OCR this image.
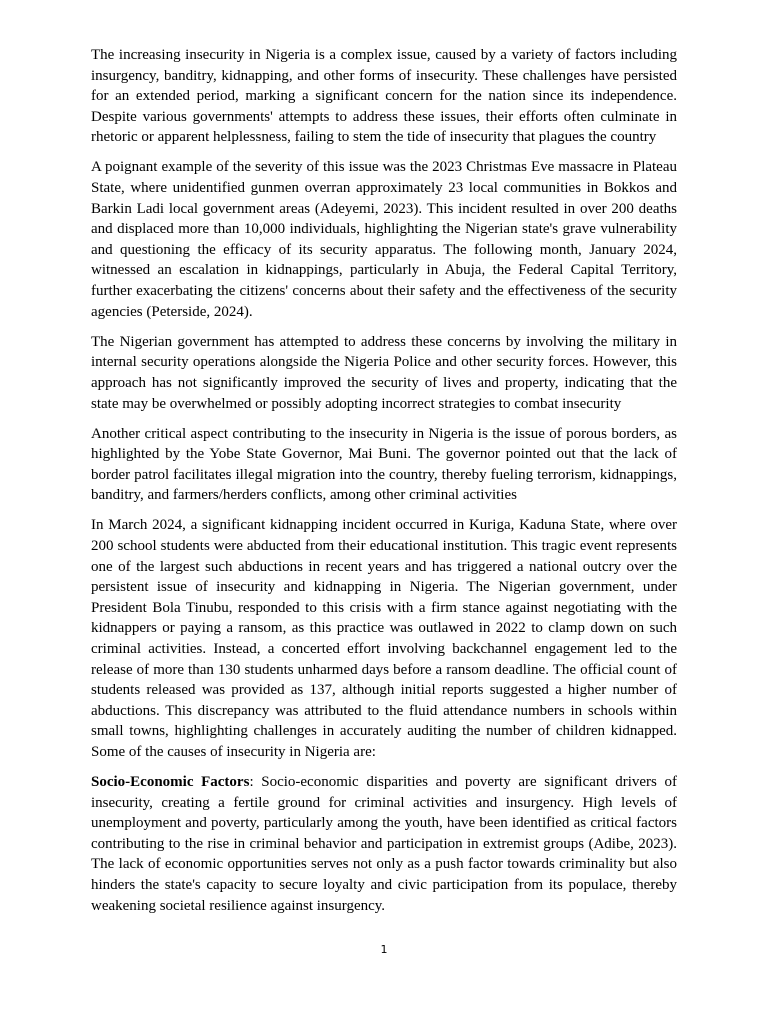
The increasing insecurity in Nigeria is a complex issue, caused by a variety of factors including insurgency, banditry, kidnapping, and other forms of insecurity. These challenges have persisted for an extended period, marking a significant concern for the nation since its independence. Despite various governments' attempts to address these issues, their efforts often culminate in rhetoric or apparent helplessness, failing to stem the tide of insecurity that plagues the country

A poignant example of the severity of this issue was the 2023 Christmas Eve massacre in Plateau State, where unidentified gunmen overran approximately 23 local communities in Bokkos and Barkin Ladi local government areas (Adeyemi, 2023). This incident resulted in over 200 deaths and displaced more than 10,000 individuals, highlighting the Nigerian state's grave vulnerability and questioning the efficacy of its security apparatus. The following month, January 2024, witnessed an escalation in kidnappings, particularly in Abuja, the Federal Capital Territory, further exacerbating the citizens' concerns about their safety and the effectiveness of the security agencies (Peterside, 2024).

The Nigerian government has attempted to address these concerns by involving the military in internal security operations alongside the Nigeria Police and other security forces. However, this approach has not significantly improved the security of lives and property, indicating that the state may be overwhelmed or possibly adopting incorrect strategies to combat insecurity

Another critical aspect contributing to the insecurity in Nigeria is the issue of porous borders, as highlighted by the Yobe State Governor, Mai Buni. The governor pointed out that the lack of border patrol facilitates illegal migration into the country, thereby fueling terrorism, kidnappings, banditry, and farmers/herders conflicts, among other criminal activities

In March 2024, a significant kidnapping incident occurred in Kuriga, Kaduna State, where over 200 school students were abducted from their educational institution. This tragic event represents one of the largest such abductions in recent years and has triggered a national outcry over the persistent issue of insecurity and kidnapping in Nigeria. The Nigerian government, under President Bola Tinubu, responded to this crisis with a firm stance against negotiating with the kidnappers or paying a ransom, as this practice was outlawed in 2022 to clamp down on such criminal activities. Instead, a concerted effort involving backchannel engagement led to the release of more than 130 students unharmed days before a ransom deadline. The official count of students released was provided as 137, although initial reports suggested a higher number of abductions. This discrepancy was attributed to the fluid attendance numbers in schools within small towns, highlighting challenges in accurately auditing the number of children kidnapped. Some of the causes of insecurity in Nigeria are:

Socio-Economic Factors: Socio-economic disparities and poverty are significant drivers of insecurity, creating a fertile ground for criminal activities and insurgency. High levels of unemployment and poverty, particularly among the youth, have been identified as critical factors contributing to the rise in criminal behavior and participation in extremist groups (Adibe, 2023). The lack of economic opportunities serves not only as a push factor towards criminality but also hinders the state's capacity to secure loyalty and civic participation from its populace, thereby weakening societal resilience against insurgency.

1
